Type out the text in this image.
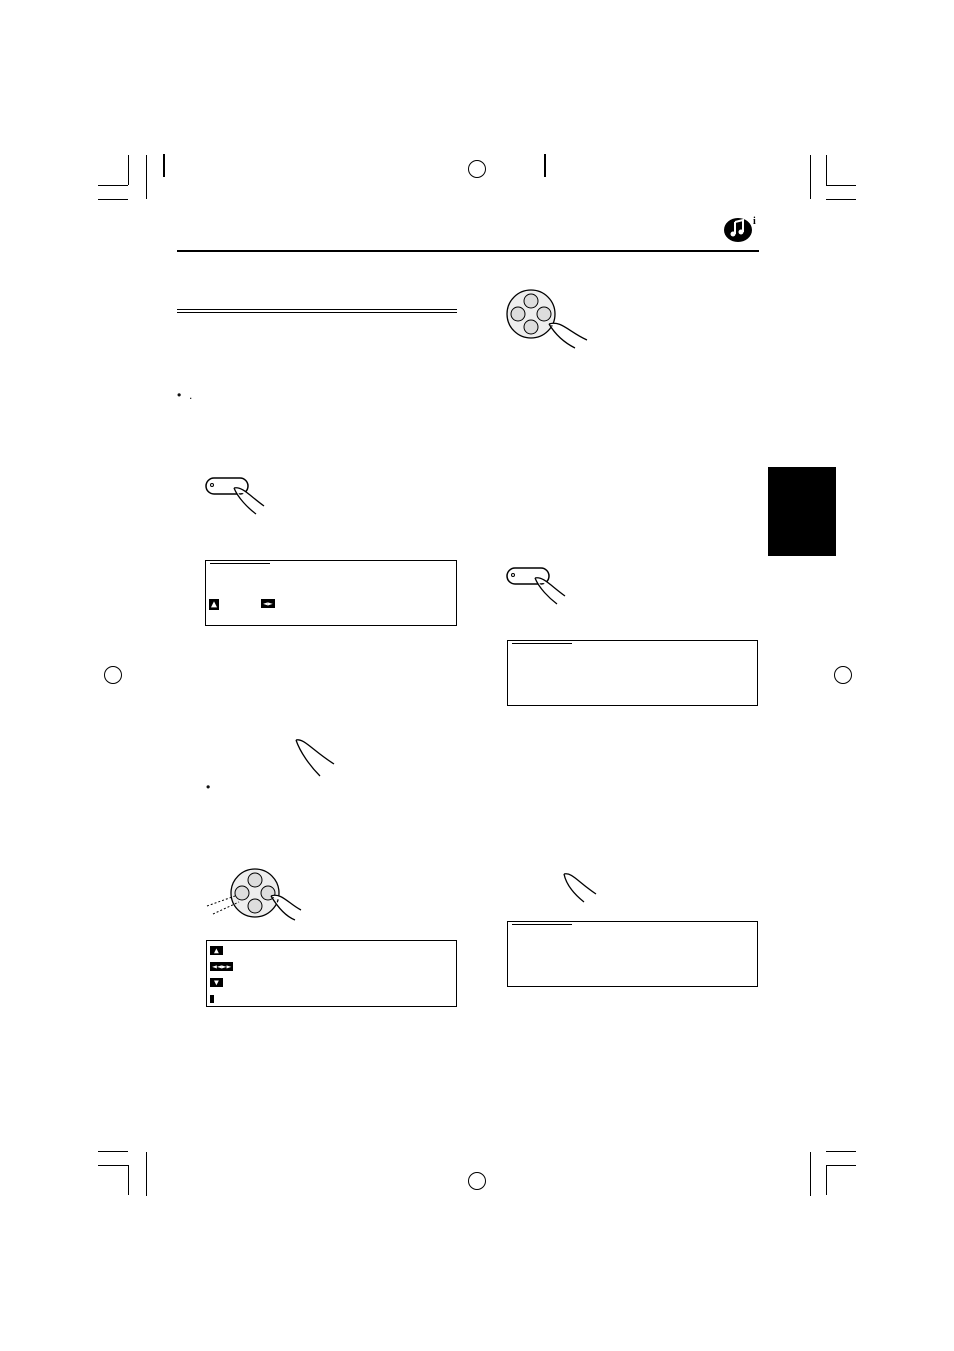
i
• .
▲	◄►
•
▲
◄◄►►
▼
